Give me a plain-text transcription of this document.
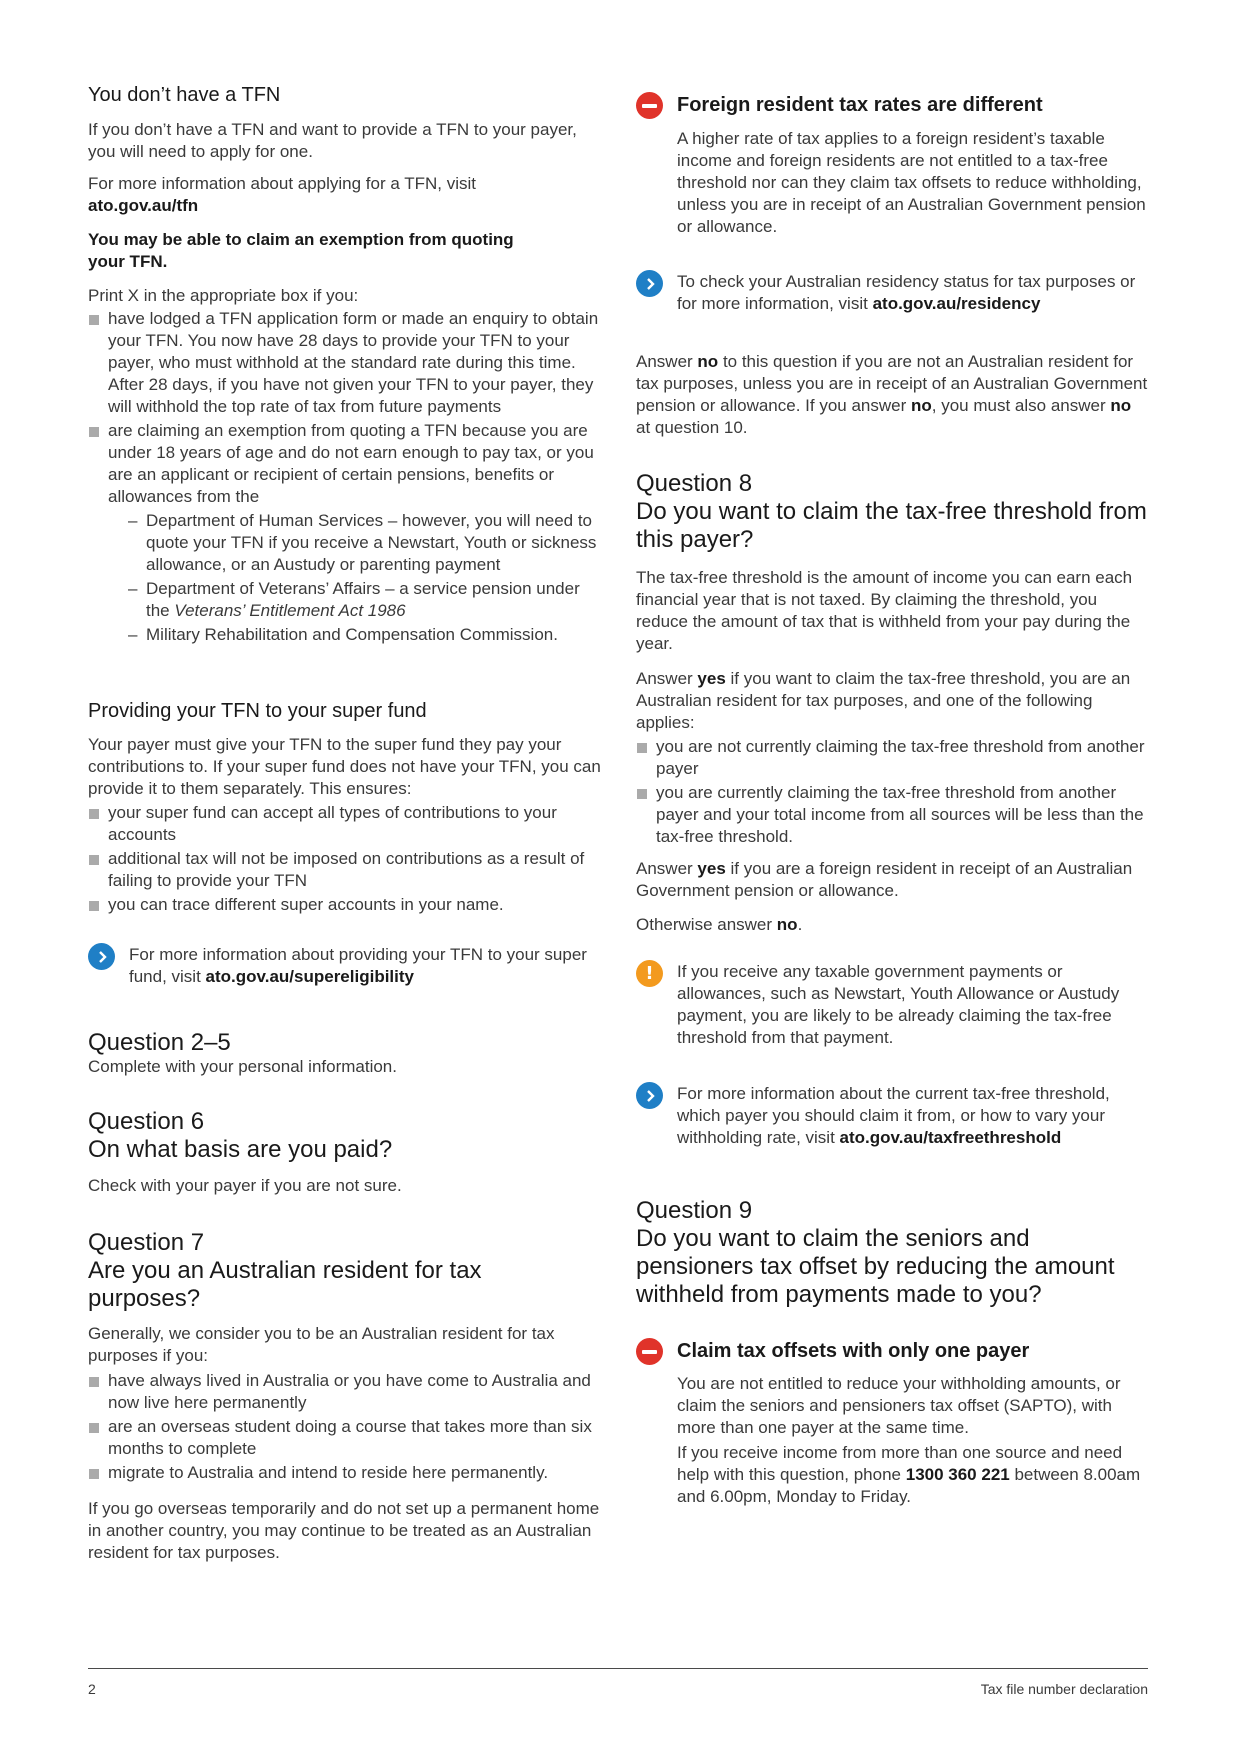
You don’t have a TFN

If you don’t have a TFN and want to provide a TFN to your payer, you will need to apply for one.

For more information about applying for a TFN, visit
ato.gov.au/tfn

You may be able to claim an exemption from quoting your TFN.

Print X in the appropriate box if you:

have lodged a TFN application form or made an enquiry to obtain your TFN. You now have 28 days to provide your TFN to your payer, who must withhold at the standard rate during this time. After 28 days, if you have not given your TFN to your payer, they will withhold the top rate of tax from future payments
are claiming an exemption from quoting a TFN because you are under 18 years of age and do not earn enough to pay tax, or you are an applicant or recipient of certain pensions, benefits or allowances from the
– Department of Human Services – however, you will need to quote your TFN if you receive a Newstart, Youth or sickness allowance, or an Austudy or parenting payment
– Department of Veterans’ Affairs – a service pension under the Veterans’ Entitlement Act 1986
– Military Rehabilitation and Compensation Commission.
Providing your TFN to your super fund

Your payer must give your TFN to the super fund they pay your contributions to. If your super fund does not have your TFN, you can provide it to them separately. This ensures:

your super fund can accept all types of contributions to your accounts
additional tax will not be imposed on contributions as a result of failing to provide your TFN
you can trace different super accounts in your name.

For more information about providing your TFN to your super fund, visit ato.gov.au/supereligibility

Question 2–5

Complete with your personal information.

Question 6
On what basis are you paid?

Check with your payer if you are not sure.

Question 7
Are you an Australian resident for tax purposes?

Generally, we consider you to be an Australian resident for tax purposes if you:

have always lived in Australia or you have come to Australia and now live here permanently
are an overseas student doing a course that takes more than six months to complete
migrate to Australia and intend to reside here permanently.

If you go overseas temporarily and do not set up a permanent home in another country, you may continue to be treated as an Australian resident for tax purposes.

Foreign resident tax rates are different

A higher rate of tax applies to a foreign resident’s taxable income and foreign residents are not entitled to a tax-free threshold nor can they claim tax offsets to reduce withholding, unless you are in receipt of an Australian Government pension or allowance.

To check your Australian residency status for tax purposes or for more information, visit ato.gov.au/residency

Answer no to this question if you are not an Australian resident for tax purposes, unless you are in receipt of an Australian Government pension or allowance. If you answer no, you must also answer no at question 10.

Question 8
Do you want to claim the tax-free threshold from this payer?

The tax-free threshold is the amount of income you can earn each financial year that is not taxed. By claiming the threshold, you reduce the amount of tax that is withheld from your pay during the year.

Answer yes if you want to claim the tax-free threshold, you are an Australian resident for tax purposes, and one of the following applies:

you are not currently claiming the tax-free threshold from another payer
you are currently claiming the tax-free threshold from another payer and your total income from all sources will be less than the tax-free threshold.

Answer yes if you are a foreign resident in receipt of an Australian Government pension or allowance.

Otherwise answer no.

!	If you receive any taxable government payments or allowances, such as Newstart, Youth Allowance or Austudy payment, you are likely to be already claiming the tax-free threshold from that payment.

For more information about the current tax-free threshold, which payer you should claim it from, or how to vary your withholding rate, visit ato.gov.au/taxfreethreshold

Question 9
Do you want to claim the seniors and pensioners tax offset by reducing the amount withheld from payments made to you?
Claim tax offsets with only one payer

You are not entitled to reduce your withholding amounts, or claim the seniors and pensioners tax offset (SAPTO), with more than one payer at the same time.

If you receive income from more than one source and need help with this question, phone 1300 360 221 between 8.00am and 6.00pm, Monday to Friday.

2	Tax file number declaration
